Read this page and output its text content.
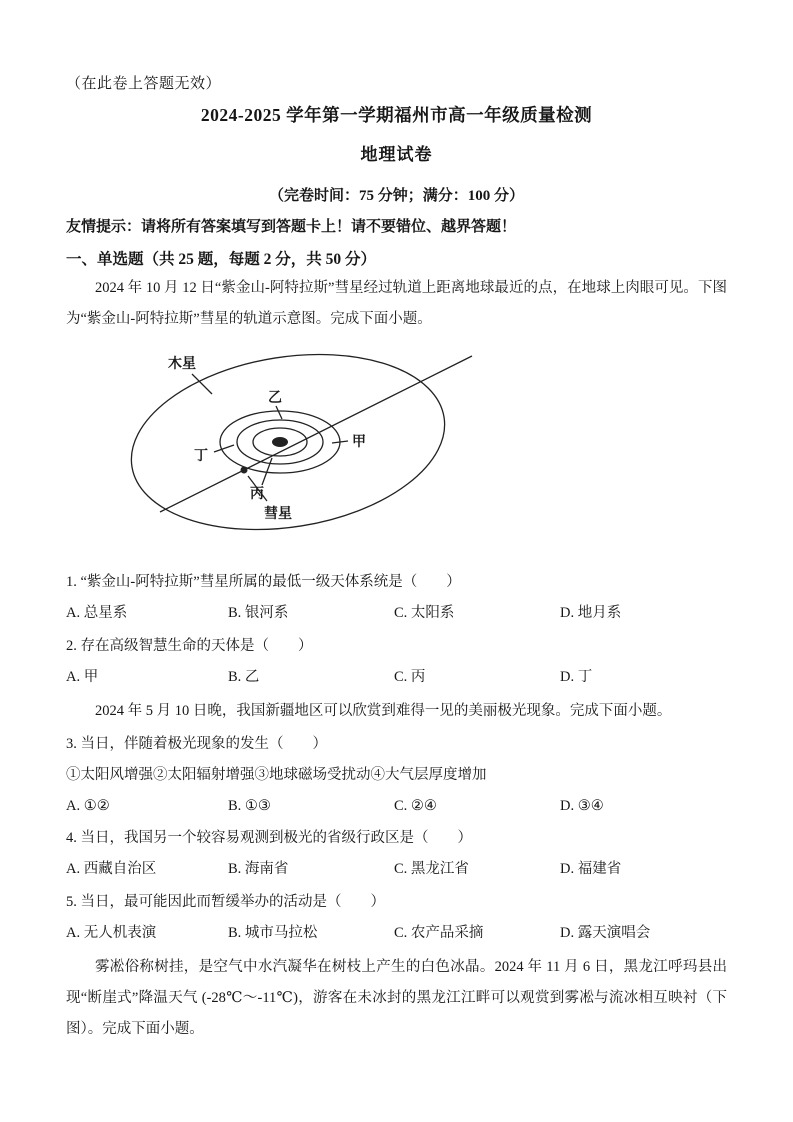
（在此卷上答题无效）
2024-2025 学年第一学期福州市高一年级质量检测
地理试卷
（完卷时间：75 分钟；满分：100 分）
友情提示：请将所有答案填写到答题卡上！请不要错位、越界答题！
一、单选题（共 25 题，每题 2 分，共 50 分）
2024 年 10 月 12 日“紫金山-阿特拉斯”彗星经过轨道上距离地球最近的点，在地球上肉眼可见。下图为“紫金山-阿特拉斯”彗星的轨道示意图。完成下面小题。
木星
乙
甲
丁
丙
彗星
1. “紫金山-阿特拉斯”彗星所属的最低一级天体系统是（　　）
A. 总星系	B. 银河系	C. 太阳系	D. 地月系
2. 存在高级智慧生命的天体是（　　）
A. 甲	B. 乙	C. 丙	D. 丁
2024 年 5 月 10 日晚，我国新疆地区可以欣赏到难得一见的美丽极光现象。完成下面小题。
3. 当日，伴随着极光现象的发生（　　）
①太阳风增强②太阳辐射增强③地球磁场受扰动④大气层厚度增加
A. ①②	B. ①③	C. ②④	D. ③④
4. 当日，我国另一个较容易观测到极光的省级行政区是（　　）
A. 西藏自治区	B. 海南省	C. 黑龙江省	D. 福建省
5. 当日，最可能因此而暂缓举办的活动是（　　）
A. 无人机表演	B. 城市马拉松	C. 农产品采摘	D. 露天演唱会
雾凇俗称树挂，是空气中水汽凝华在树枝上产生的白色冰晶。2024 年 11 月 6 日，黑龙江呼玛县出现“断崖式”降温天气 (-28℃～-11℃)，游客在未冰封的黑龙江江畔可以观赏到雾凇与流冰相互映衬（下图）。完成下面小题。
